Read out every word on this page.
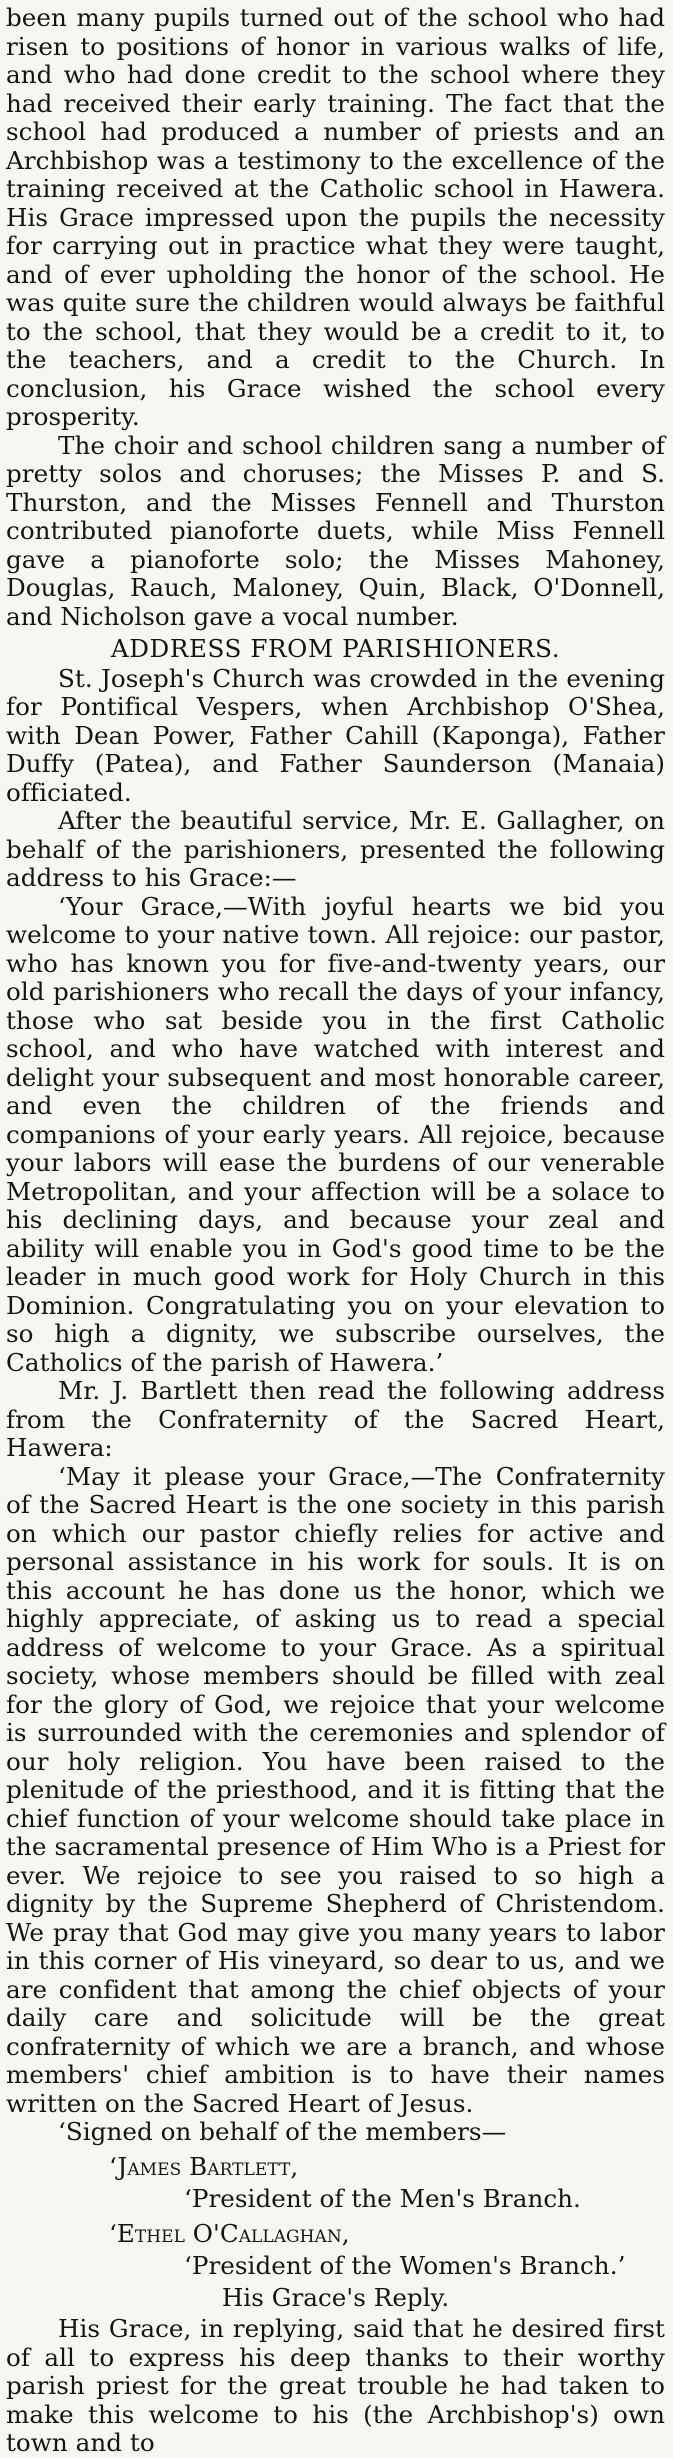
been many pupils turned out of the school who had risen to positions of honor in various walks of life, and who had done credit to the school where they had received their early training. The fact that the school had produced a number of priests and an Archbishop was a testimony to the excellence of the training received at the Catholic school in Hawera. His Grace impressed upon the pupils the necessity for carrying out in practice what they were taught, and of ever upholding the honor of the school. He was quite sure the children would always be faithful to the school, that they would be a credit to it, to the teachers, and a credit to the Church. In conclusion, his Grace wished the school every prosperity.

The choir and school children sang a number of pretty solos and choruses; the Misses P. and S. Thurston, and the Misses Fennell and Thurston contributed pianoforte duets, while Miss Fennell gave a pianoforte solo; the Misses Mahoney, Douglas, Rauch, Maloney, Quin, Black, O'Donnell, and Nicholson gave a vocal number.

ADDRESS FROM PARISHIONERS.

St. Joseph's Church was crowded in the evening for Pontifical Vespers, when Archbishop O'Shea, with Dean Power, Father Cahill (Kaponga), Father Duffy (Patea), and Father Saunderson (Manaia) officiated.

After the beautiful service, Mr. E. Gallagher, on behalf of the parishioners, presented the following address to his Grace:—

‘Your Grace,—With joyful hearts we bid you welcome to your native town. All rejoice: our pastor, who has known you for five-and-twenty years, our old parishioners who recall the days of your infancy, those who sat beside you in the first Catholic school, and who have watched with interest and delight your subsequent and most honorable career, and even the children of the friends and companions of your early years. All rejoice, because your labors will ease the burdens of our venerable Metropolitan, and your affection will be a solace to his declining days, and because your zeal and ability will enable you in God's good time to be the leader in much good work for Holy Church in this Dominion. Congratulating you on your elevation to so high a dignity, we subscribe ourselves, the Catholics of the parish of Hawera.’

Mr. J. Bartlett then read the following address from the Confraternity of the Sacred Heart, Hawera:

‘May it please your Grace,—The Confraternity of the Sacred Heart is the one society in this parish on which our pastor chiefly relies for active and personal assistance in his work for souls. It is on this account he has done us the honor, which we highly appreciate, of asking us to read a special address of welcome to your Grace. As a spiritual society, whose members should be filled with zeal for the glory of God, we rejoice that your welcome is surrounded with the ceremonies and splendor of our holy religion. You have been raised to the plenitude of the priesthood, and it is fitting that the chief function of your welcome should take place in the sacramental presence of Him Who is a Priest for ever. We rejoice to see you raised to so high a dignity by the Supreme Shepherd of Christendom. We pray that God may give you many years to labor in this corner of His vineyard, so dear to us, and we are confident that among the chief objects of your daily care and solicitude will be the great confraternity of which we are a branch, and whose members' chief ambition is to have their names written on the Sacred Heart of Jesus.

‘Signed on behalf of the members—

‘James Bartlett,

‘President of the Men's Branch.

‘Ethel O'Callaghan,

‘President of the Women's Branch.’

His Grace's Reply.

His Grace, in replying, said that he desired first of all to express his deep thanks to their worthy parish priest for the great trouble he had taken to make this welcome to his (the Archbishop's) own town and to
